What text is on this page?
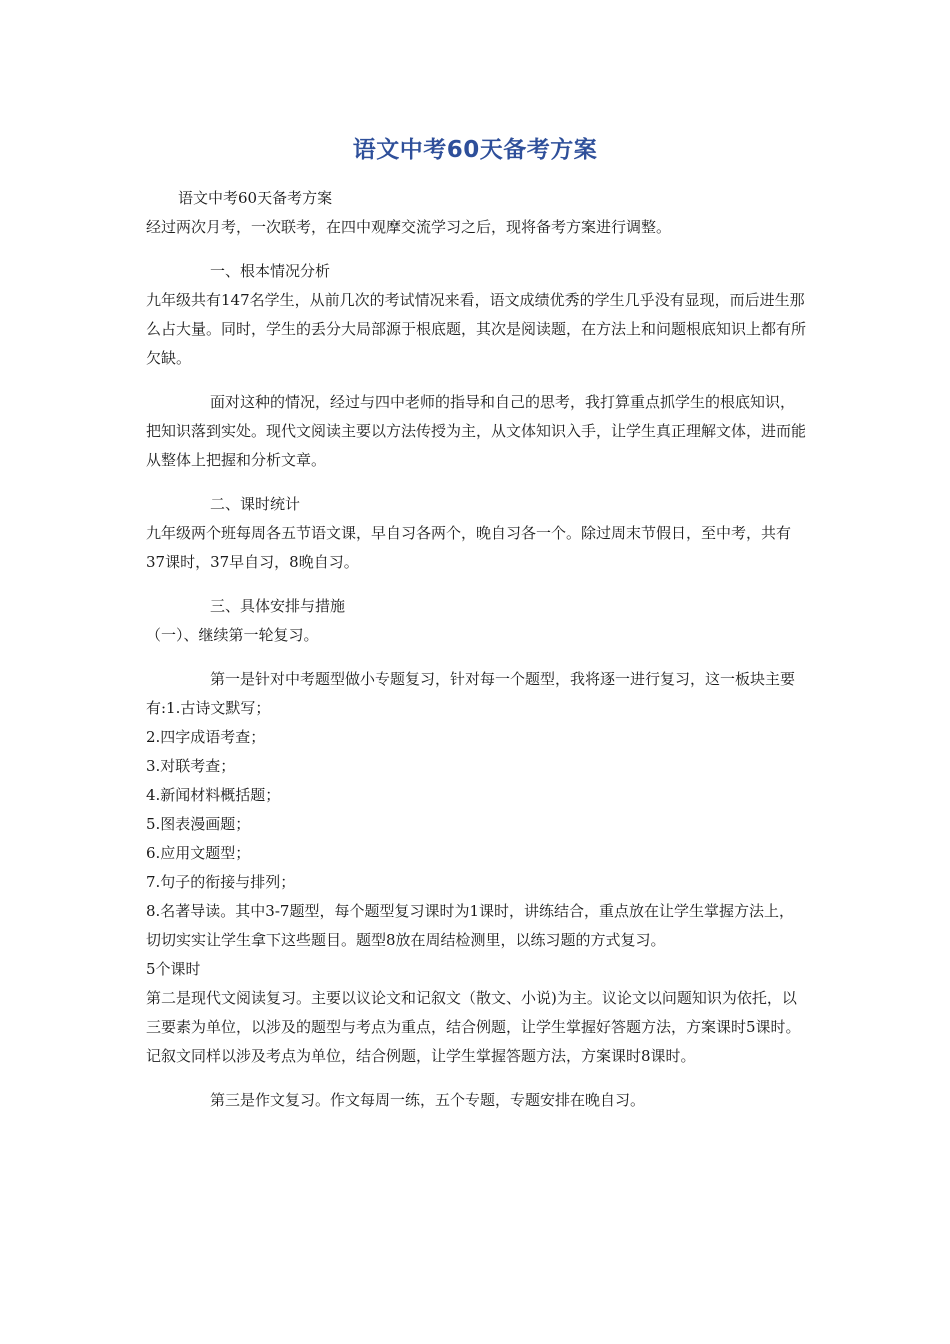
语文中考60天备考方案

语文中考60天备考方案

经过两次月考，一次联考，在四中观摩交流学习之后，现将备考方案进行调整。

一、根本情况分析

九年级共有147名学生，从前几次的考试情况来看，语文成绩优秀的学生几乎没有显现，而后进生那么占大量。同时，学生的丢分大局部源于根底题，其次是阅读题，在方法上和问题根底知识上都有所欠缺。

面对这种的情况，经过与四中老师的指导和自己的思考，我打算重点抓学生的根底知识，把知识落到实处。现代文阅读主要以方法传授为主，从文体知识入手，让学生真正理解文体，进而能从整体上把握和分析文章。

二、课时统计

九年级两个班每周各五节语文课，早自习各两个，晚自习各一个。除过周末节假日，至中考，共有37课时，37早自习，8晚自习。

三、具体安排与措施

（一）、继续第一轮复习。

第一是针对中考题型做小专题复习，针对每一个题型，我将逐一进行复习，这一板块主要有:1.古诗文默写；

2.四字成语考查；

3.对联考查；

4.新闻材料概括题；

5.图表漫画题；

6.应用文题型；

7.句子的衔接与排列；

8.名著导读。其中3-7题型，每个题型复习课时为1课时，讲练结合，重点放在让学生掌握方法上，切切实实让学生拿下这些题目。题型8放在周结检测里，以练习题的方式复习。

5个课时

第二是现代文阅读复习。主要以议论文和记叙文（散文、小说)为主。议论文以问题知识为依托，以三要素为单位，以涉及的题型与考点为重点，结合例题，让学生掌握好答题方法，方案课时5课时。记叙文同样以涉及考点为单位，结合例题，让学生掌握答题方法，方案课时8课时。

第三是作文复习。作文每周一练，五个专题，专题安排在晚自习。
